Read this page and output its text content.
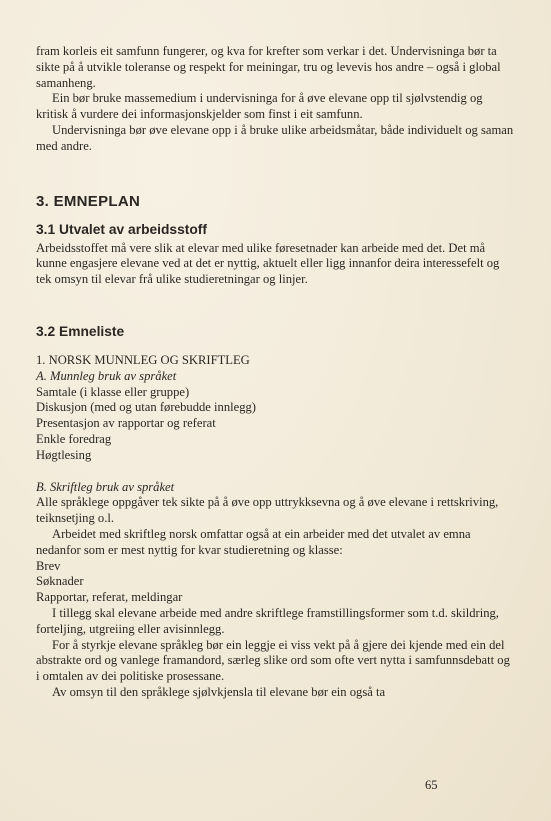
fram korleis eit samfunn fungerer, og kva for krefter som verkar i det. Undervisninga bør ta sikte på å utvikle toleranse og respekt for meiningar, tru og levevis hos andre – også i global samanheng.

Ein bør bruke massemedium i undervisninga for å øve elevane opp til sjølvstendig og kritisk å vurdere dei informasjonskjelder som finst i eit samfunn.

Undervisninga bør øve elevane opp i å bruke ulike arbeidsmåtar, både individuelt og saman med andre.

3. EMNEPLAN
3.1 Utvalet av arbeidsstoff

Arbeidsstoffet må vere slik at elevar med ulike føresetnader kan arbeide med det. Det må kunne engasjere elevane ved at det er nyttig, aktuelt eller ligg innanfor deira interessefelt og tek omsyn til elevar frå ulike studieretningar og linjer.

3.2 Emneliste

1. NORSK MUNNLEG OG SKRIFTLEG

A. Munnleg bruk av språket

Samtale (i klasse eller gruppe)

Diskusjon (med og utan førebudde innlegg)

Presentasjon av rapportar og referat

Enkle foredrag

Høgtlesing

B. Skriftleg bruk av språket

Alle språklege oppgåver tek sikte på å øve opp uttrykksevna og å øve elevane i rettskriving, teiknsetjing o.l.

Arbeidet med skriftleg norsk omfattar også at ein arbeider med det utvalet av emna nedanfor som er mest nyttig for kvar studieretning og klasse:

Brev

Søknader

Rapportar, referat, meldingar

I tillegg skal elevane arbeide med andre skriftlege framstillingsformer som t.d. skildring, forteljing, utgreiing eller avisinnlegg.

For å styrkje elevane språkleg bør ein leggje ei viss vekt på å gjere dei kjende med ein del abstrakte ord og vanlege framandord, særleg slike ord som ofte vert nytta i samfunnsdebatt og i omtalen av dei politiske prosessane.

Av omsyn til den språklege sjølvkjensla til elevane bør ein også ta

65
